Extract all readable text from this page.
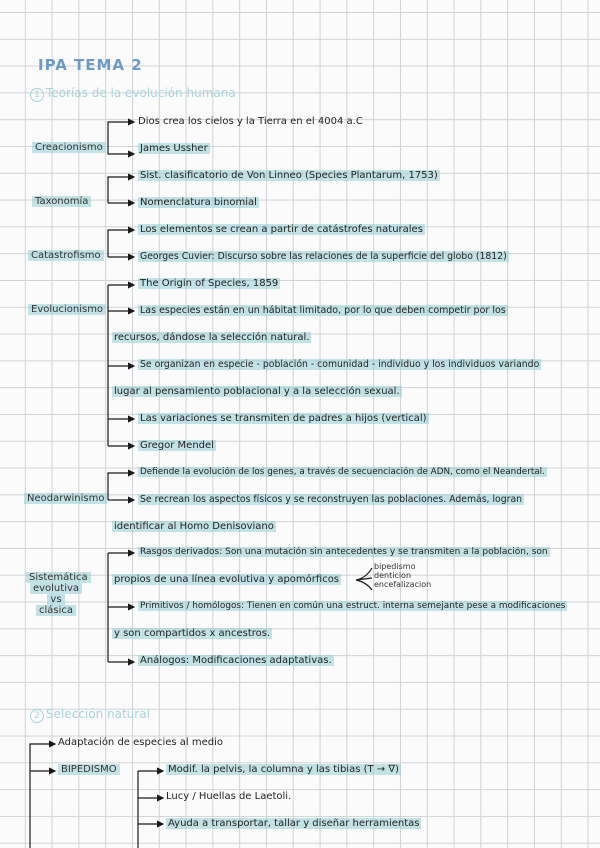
IPA TEMA 2
1 Teorías de la evolución humana
Creacionismo
Taxonomía
Catastrofismo
Evolucionismo
Neodarwinismo
Sistemática
evolutiva
vs
clásica
Dios crea los cielos y la Tierra en el 4004 a.C
James Ussher
Sist. clasificatorio de Von Linneo (Species Plantarum, 1753)
Nomenclatura binomial
Los elementos se crean a partir de catástrofes naturales
Georges Cuvier: Discurso sobre las relaciones de la superficie del globo (1812)
The Origin of Species, 1859
Las especies están en un hábitat limitado, por lo que deben competir por los
recursos, dándose la selección natural.
Se organizan en especie - población - comunidad - individuo y los individuos variando
lugar al pensamiento poblacional y a la selección sexual.
Las variaciones se transmiten de padres a hijos (vertical)
Gregor Mendel
Defiende la evolución de los genes, a través de secuenciación de ADN, como el Neandertal.
Se recrean los aspectos físicos y se reconstruyen las poblaciones. Además, logran
identificar al Homo Denisoviano
Rasgos derivados: Son una mutación sin antecedentes y se transmiten a la población, son
propios de una línea evolutiva y apomórficos
bipedismo
denticion
encefalizacion
Primitivos / homólogos: Tienen en común una estruct. interna semejante pese a modificaciones
y son compartidos x ancestros.
Análogos: Modificaciones adaptativas.
2 Selección natural
Adaptación de especies al medio
BIPEDISMO	Modif. la pelvis, la columna y las tibias (T → ∇)
Lucy / Huellas de Laetoli.
Ayuda a transportar, tallar y diseñar herramientas
